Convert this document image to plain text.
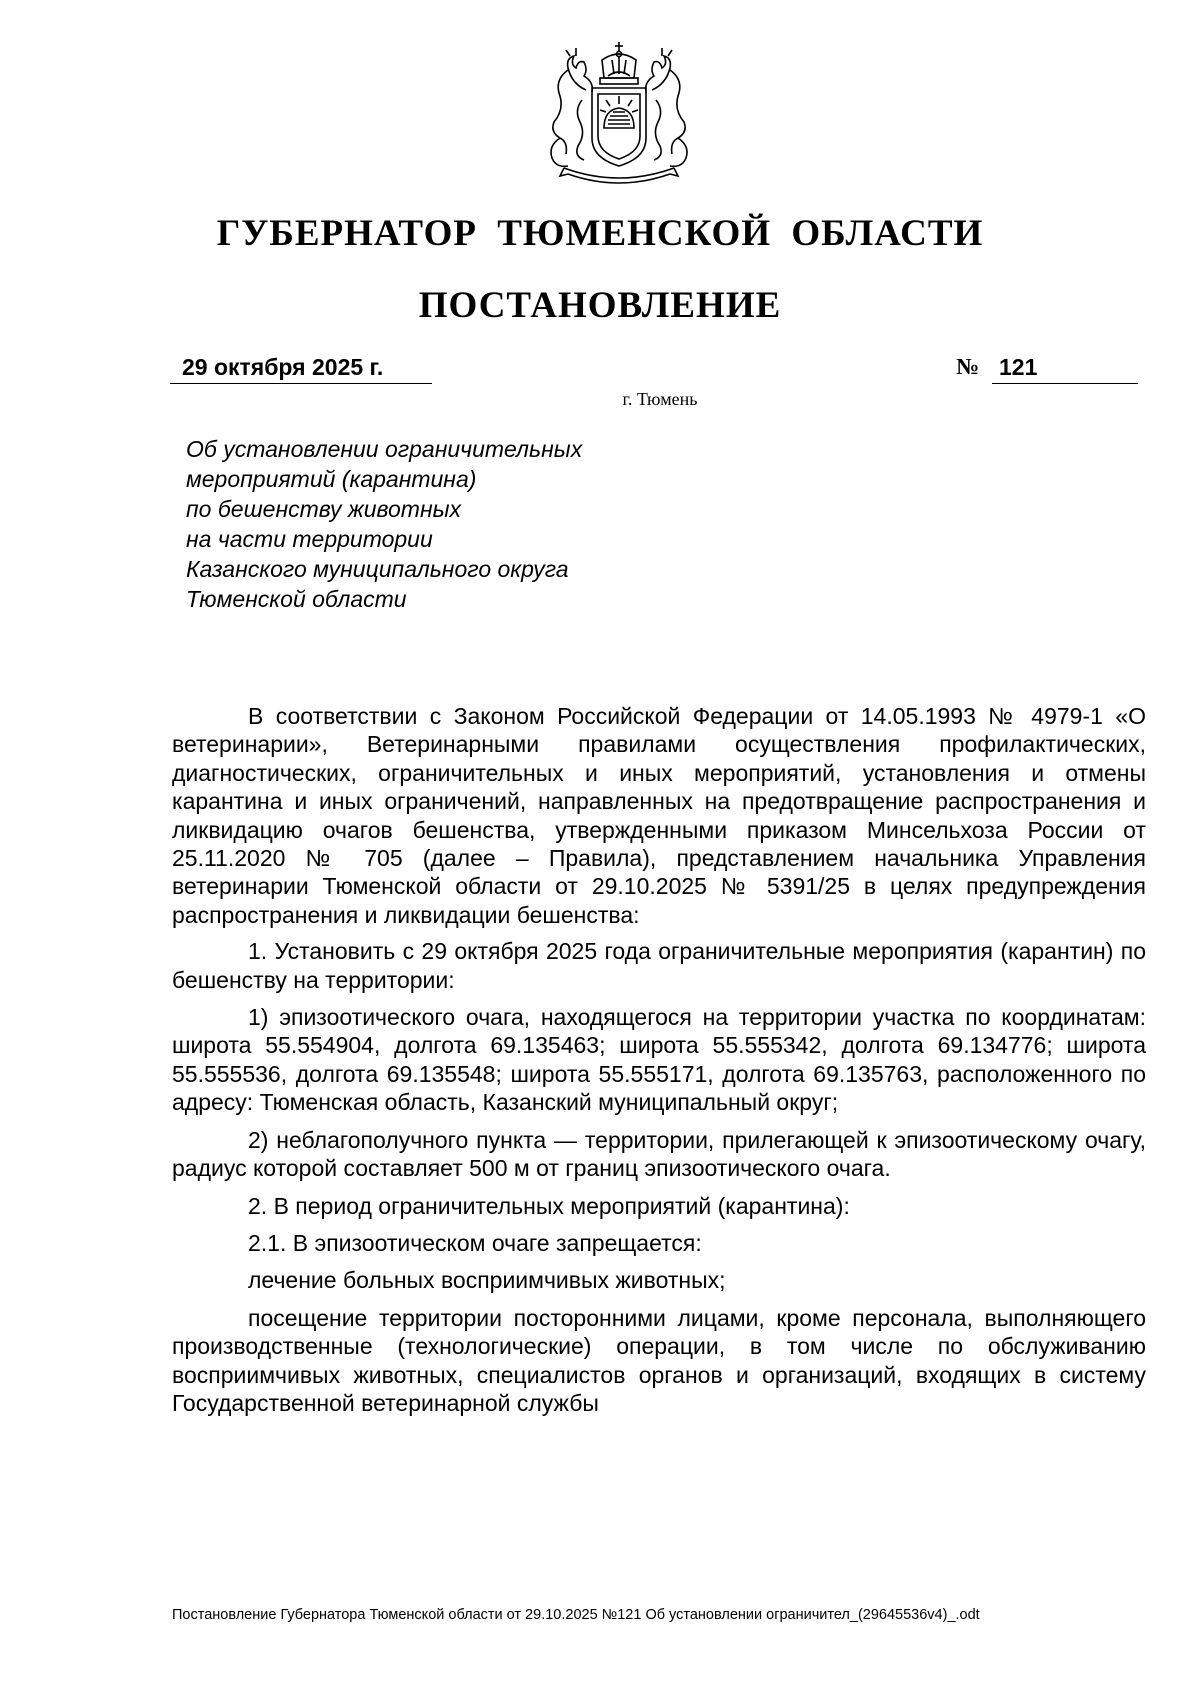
ГУБЕРНАТОР ТЮМЕНСКОЙ ОБЛАСТИ
ПОСТАНОВЛЕНИЕ
29 октября 2025 г.	№ 121
г. Тюмень
Об установлении ограничительных
мероприятий (карантина)
по бешенству животных
на части территории
Казанского муниципального округа
Тюменской области

В соответствии с Законом Российской Федерации от 14.05.1993 № 4979-1 «О ветеринарии», Ветеринарными правилами осуществления профилактических, диагностических, ограничительных и иных мероприятий, установления и отмены карантина и иных ограничений, направленных на предотвращение распространения и ликвидацию очагов бешенства, утвержденными приказом Минсельхоза России от 25.11.2020 № 705 (далее – Правила), представлением начальника Управления ветеринарии Тюменской области от 29.10.2025 № 5391/25 в целях предупреждения распространения и ликвидации бешенства:

1. Установить с 29 октября 2025 года ограничительные мероприятия (карантин) по бешенству на территории:

1) эпизоотического очага, находящегося на территории участка по координатам: широта 55.554904, долгота 69.135463; широта 55.555342, долгота 69.134776; широта 55.555536, долгота 69.135548; широта 55.555171, долгота 69.135763, расположенного по адресу: Тюменская область, Казанский муниципальный округ;

2) неблагополучного пункта — территории, прилегающей к эпизоотическому очагу, радиус которой составляет 500 м от границ эпизоотического очага.

2. В период ограничительных мероприятий (карантина):

2.1. В эпизоотическом очаге запрещается:

лечение больных восприимчивых животных;

посещение территории посторонними лицами, кроме персонала, выполняющего производственные (технологические) операции, в том числе по обслуживанию восприимчивых животных, специалистов органов и организаций, входящих в систему Государственной ветеринарной службы

Постановление Губернатора Тюменской области от 29.10.2025 №121 Об установлении ограничител_(29645536v4)_.odt
